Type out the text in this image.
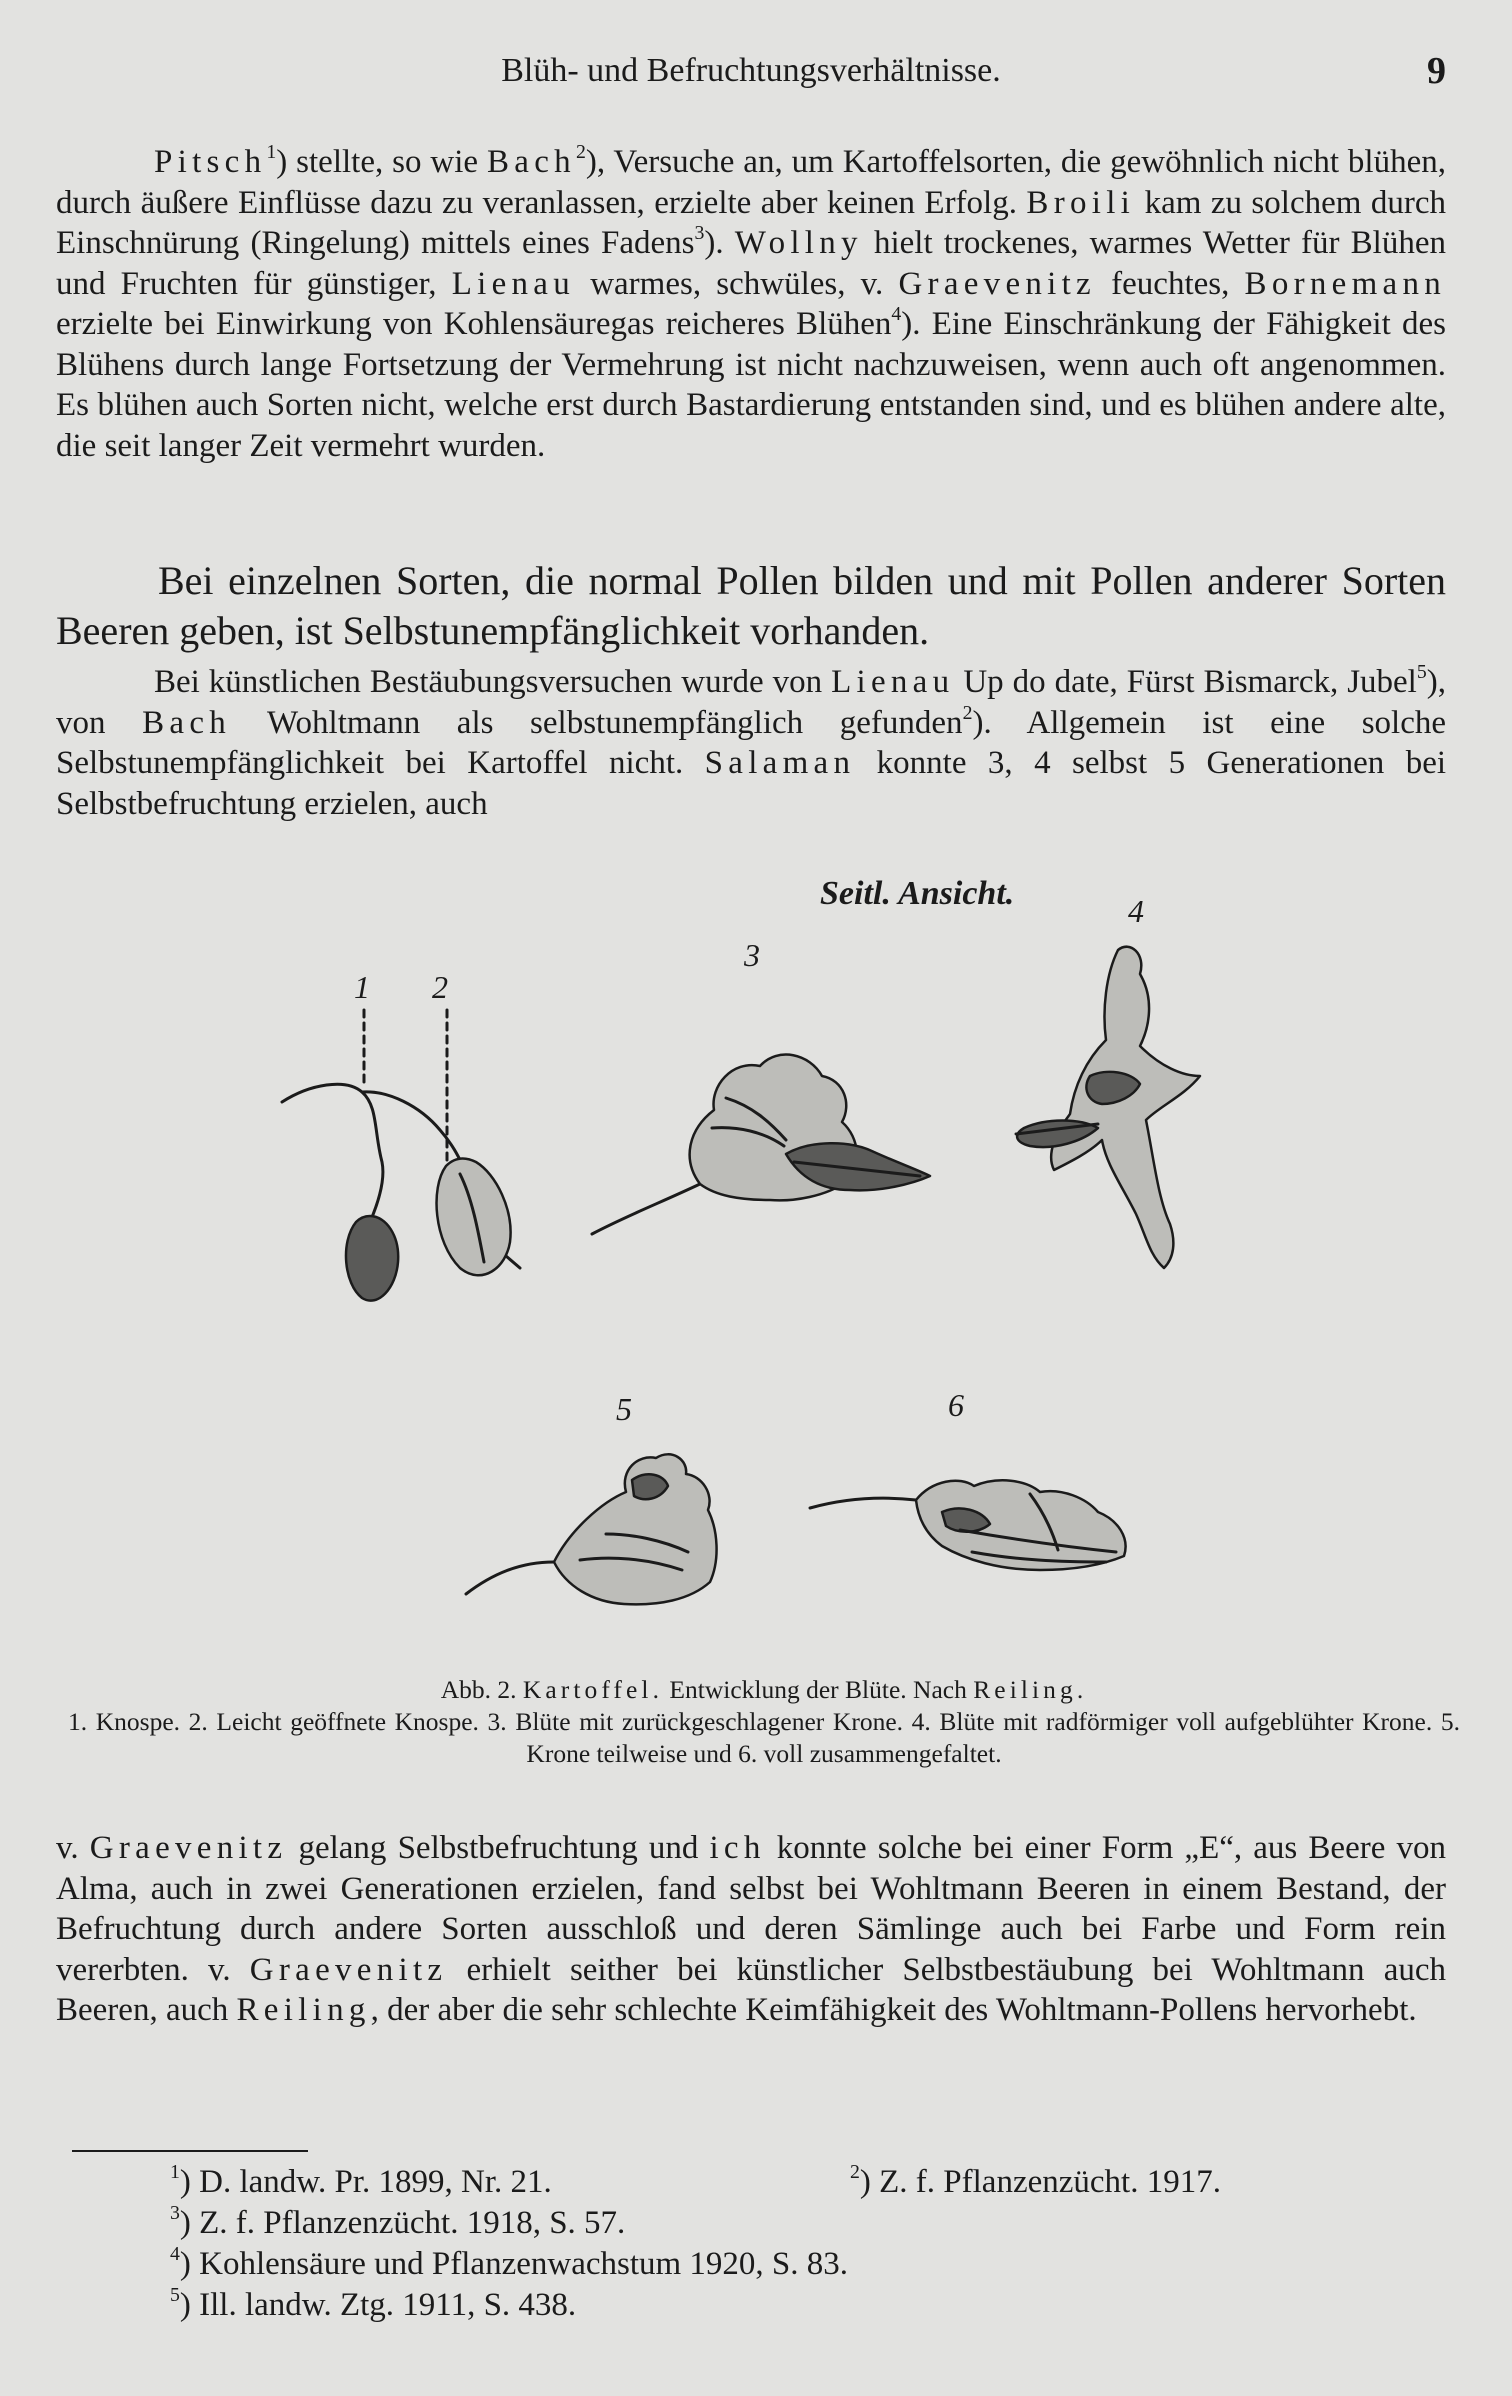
Blüh- und Befruchtungsverhältnisse.	9

Pitsch$^1$) stellte, so wie Bach$^2$), Versuche an, um Kartoffelsorten, die gewöhnlich nicht blühen, durch äußere Einflüsse dazu zu veranlassen, erzielte aber keinen Erfolg. Broili kam zu solchem durch Einschnürung (Ringelung) mittels eines Fadens$^3$). Wollny hielt trockenes, warmes Wetter für Blühen und Fruchten für günstiger, Lienau warmes, schwüles, v. Graevenitz feuchtes, Bornemann erzielte bei Einwirkung von Kohlensäuregas reicheres Blühen$^4$). Eine Einschränkung der Fähigkeit des Blühens durch lange Fortsetzung der Vermehrung ist nicht nachzuweisen, wenn auch oft angenommen. Es blühen auch Sorten nicht, welche erst durch Bastardierung entstanden sind, und es blühen andere alte, die seit langer Zeit vermehrt wurden.

Bei einzelnen Sorten, die normal Pollen bilden und mit Pollen anderer Sorten Beeren geben, ist Selbstunempfänglichkeit vorhanden.

Bei künstlichen Bestäubungsversuchen wurde von Lienau Up do date, Fürst Bismarck, Jubel$^5$), von Bach Wohltmann als selbstunempfänglich gefunden$^2$). Allgemein ist eine solche Selbstunempfänglichkeit bei Kartoffel nicht. Salaman konnte 3, 4 selbst 5 Generationen bei Selbstbefruchtung erzielen, auch

Seitl. Ansicht.
1 2
3
4
5	6
Abb. 2. Kartoffel. Entwicklung der Blüte. Nach Reiling.
1. Knospe. 2. Leicht geöffnete Knospe. 3. Blüte mit zurückgeschlagener Krone. 4. Blüte mit radförmiger voll aufgeblühter Krone. 5. Krone teilweise und 6. voll zusammengefaltet.

v. Graevenitz gelang Selbstbefruchtung und ich konnte solche bei einer Form „E“, aus Beere von Alma, auch in zwei Generationen erzielen, fand selbst bei Wohltmann Beeren in einem Bestand, der Befruchtung durch andere Sorten ausschloß und deren Sämlinge auch bei Farbe und Form rein vererbten. v. Graevenitz erhielt seither bei künstlicher Selbstbestäubung bei Wohltmann auch Beeren, auch Reiling, der aber die sehr schlechte Keimfähigkeit des Wohltmann-Pollens hervorhebt.

$^1$) D. landw. Pr. 1899, Nr. 21.	$^2$) Z. f. Pflanzenzücht. 1917.
$^3$) Z. f. Pflanzenzücht. 1918, S. 57.
$^4$) Kohlensäure und Pflanzenwachstum 1920, S. 83.
$^5$) Ill. landw. Ztg. 1911, S. 438.
